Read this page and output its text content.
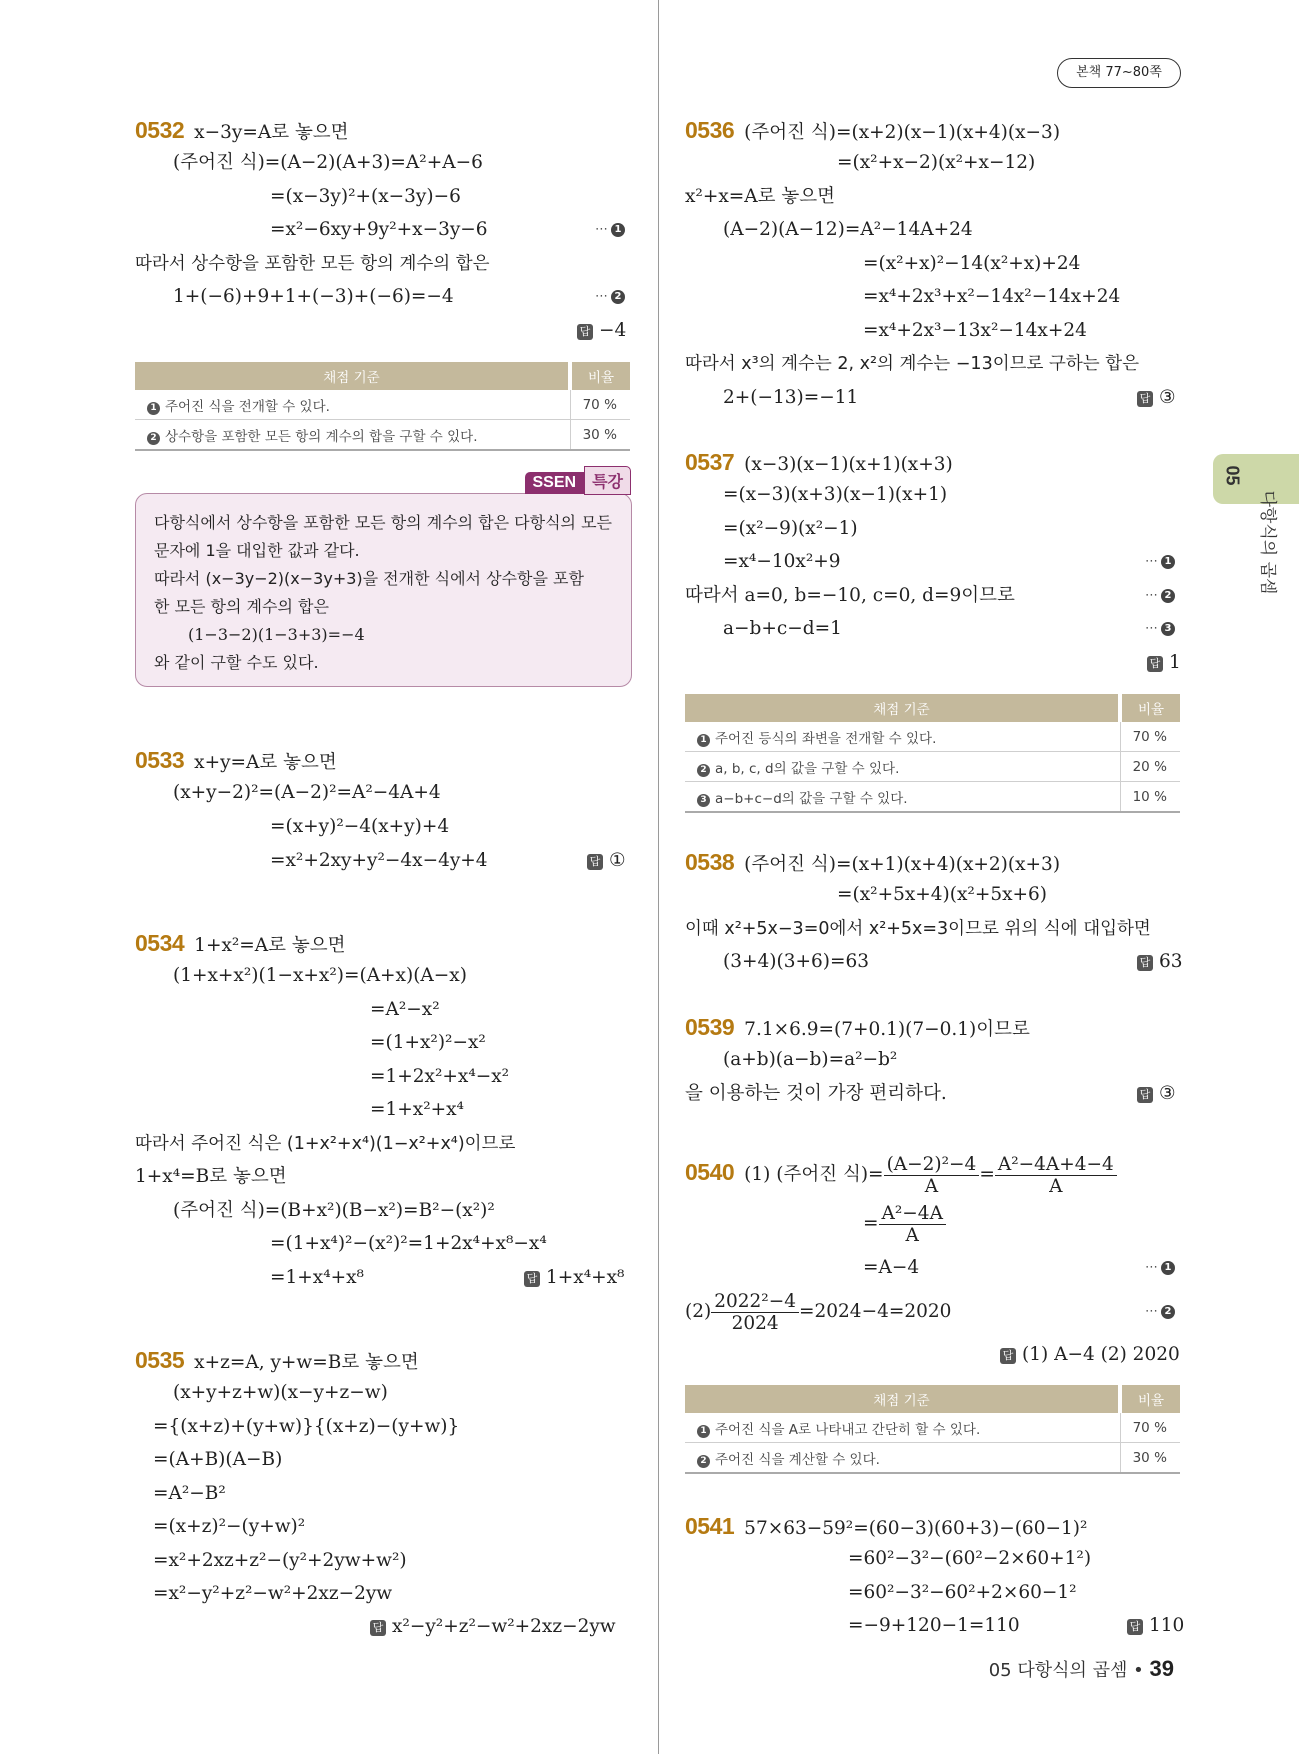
본책 77~80쪽
05
다항식의 곱셈
0532 x−3y=A로 놓으면
(주어진 식)=(A−2)(A+3)=A²+A−6
=(x−3y)²+(x−3y)−6
=x²−6xy+9y²+x−3y−6	⋯ 1
따라서 상수항을 포함한 모든 항의 계수의 합은
1+(−6)+9+1+(−3)+(−6)=−4	⋯ 2
답 −4
채점 기준	비율
1 주어진 식을 전개할 수 있다.	70 %
2 상수항을 포함한 모든 항의 계수의 합을 구할 수 있다.	30 %
SSEN 특강
다항식에서 상수항을 포함한 모든 항의 계수의 합은 다항식의 모든
문자에 1을 대입한 값과 같다.
따라서 (x−3y−2)(x−3y+3)을 전개한 식에서 상수항을 포함
한 모든 항의 계수의 합은
(1−3−2)(1−3+3)=−4
와 같이 구할 수도 있다.
0533 x+y=A로 놓으면
(x+y−2)²=(A−2)²=A²−4A+4
=(x+y)²−4(x+y)+4
=x²+2xy+y²−4x−4y+4	답 ①
0534 1+x²=A로 놓으면
(1+x+x²)(1−x+x²)=(A+x)(A−x)
=A²−x²
=(1+x²)²−x²
=1+2x²+x⁴−x²
=1+x²+x⁴
따라서 주어진 식은 (1+x²+x⁴)(1−x²+x⁴)이므로
1+x⁴=B로 놓으면
(주어진 식)=(B+x²)(B−x²)=B²−(x²)²
=(1+x⁴)²−(x²)²=1+2x⁴+x⁸−x⁴
=1+x⁴+x⁸	답 1+x⁴+x⁸
0535 x+z=A, y+w=B로 놓으면
(x+y+z+w)(x−y+z−w)
={(x+z)+(y+w)}{(x+z)−(y+w)}
=(A+B)(A−B)
=A²−B²
=(x+z)²−(y+w)²
=x²+2xz+z²−(y²+2yw+w²)
=x²−y²+z²−w²+2xz−2yw
답 x²−y²+z²−w²+2xz−2yw
0536 (주어진 식)=(x+2)(x−1)(x+4)(x−3)
=(x²+x−2)(x²+x−12)
x²+x=A로 놓으면
(A−2)(A−12)=A²−14A+24
=(x²+x)²−14(x²+x)+24
=x⁴+2x³+x²−14x²−14x+24
=x⁴+2x³−13x²−14x+24
따라서 x³의 계수는 2, x²의 계수는 −13이므로 구하는 합은
2+(−13)=−11	답 ③
0537 (x−3)(x−1)(x+1)(x+3)
=(x−3)(x+3)(x−1)(x+1)
=(x²−9)(x²−1)
=x⁴−10x²+9	⋯ 1
따라서 a=0, b=−10, c=0, d=9이므로	⋯ 2
a−b+c−d=1	⋯ 3
답 1
채점 기준	비율
1 주어진 등식의 좌변을 전개할 수 있다.	70 %
2 a, b, c, d의 값을 구할 수 있다.	20 %
3 a−b+c−d의 값을 구할 수 있다.	10 %
0538 (주어진 식)=(x+1)(x+4)(x+2)(x+3)
=(x²+5x+4)(x²+5x+6)
이때 x²+5x−3=0에서 x²+5x=3이므로 위의 식에 대입하면
(3+4)(3+6)=63	답 63
0539 7.1×6.9=(7+0.1)(7−0.1)이므로
(a+b)(a−b)=a²−b²
을 이용하는 것이 가장 편리하다.	답 ③
0540 (1) (주어진 식)= $\frac{\text{(A−2)²−4}}{A} = \frac{\text{A²−4A+4−4}}{A}$
= $\frac{\text{A²−4A}}{A}$
=A−4	⋯ 1
$(2) \frac{\text{2022²−4}}{2024} =2024-4=2020$	⋯ 2
답 (1) A−4 (2) 2020
채점 기준	비율
1 주어진 식을 A로 나타내고 간단히 할 수 있다.	70 %
2 주어진 식을 계산할 수 있다.	30 %
0541 57×63−59²=(60−3)(60+3)−(60−1)²
=60²−3²−(60²−2×60+1²)
=60²−3²−60²+2×60−1²
=−9+120−1=110	답 110
05 다항식의 곱셈 • 39
